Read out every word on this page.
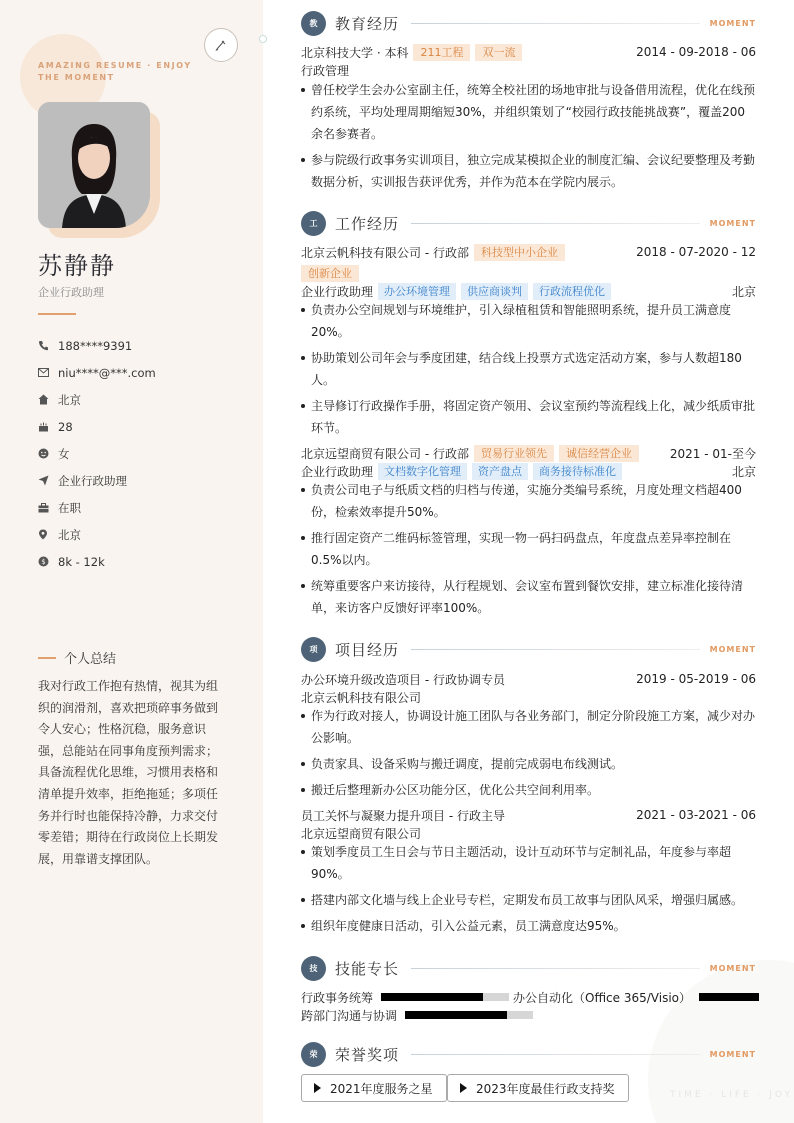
AMAZING RESUME · ENJOY THE MOMENT
苏静静
企业行政助理
188****9391
niu****@***.com
北京
28
女
企业行政助理
在职
北京
$ 8k - 12k
个人总结
我对行政工作抱有热情，视其为组织的润滑剂，喜欢把琐碎事务做到令人安心；性格沉稳，服务意识强，总能站在同事角度预判需求；具备流程优化思维，习惯用表格和清单提升效率，拒绝拖延；多项任务并行时也能保持冷静，力求交付零差错；期待在行政岗位上长期发展，用靠谱支撑团队。
TIME · LIFE · JOY
教	教育经历	MOMENT
北京科技大学 · 本科	211工程	双一流	2014 - 09-2018 - 06
行政管理
曾任校学生会办公室副主任，统筹全校社团的场地审批与设备借用流程，优化在线预约系统，平均处理周期缩短30%，并组织策划了“校园行政技能挑战赛”，覆盖200余名参赛者。
参与院级行政事务实训项目，独立完成某模拟企业的制度汇编、会议纪要整理及考勤数据分析，实训报告获评优秀，并作为范本在学院内展示。
工	工作经历	MOMENT
北京云帆科技有限公司 - 行政部	科技型中小企业	2018 - 07-2020 - 12
创新企业
企业行政助理	办公环境管理	供应商谈判	行政流程优化	北京
负责办公空间规划与环境维护，引入绿植租赁和智能照明系统，提升员工满意度20%。
协助策划公司年会与季度团建，结合线上投票方式选定活动方案，参与人数超180人。
主导修订行政操作手册，将固定资产领用、会议室预约等流程线上化，减少纸质审批环节。
北京远望商贸有限公司 - 行政部	贸易行业领先	诚信经营企业	2021 - 01-至今
企业行政助理	文档数字化管理	资产盘点	商务接待标准化	北京
负责公司电子与纸质文档的归档与传递，实施分类编号系统，月度处理文档超400份，检索效率提升50%。
推行固定资产二维码标签管理，实现一物一码扫码盘点，年度盘点差异率控制在0.5%以内。
统筹重要客户来访接待，从行程规划、会议室布置到餐饮安排，建立标准化接待清单，来访客户反馈好评率100%。
项	项目经历	MOMENT
办公环境升级改造项目 - 行政协调专员	2019 - 05-2019 - 06
北京云帆科技有限公司
作为行政对接人，协调设计施工团队与各业务部门，制定分阶段施工方案，减少对办公影响。
负责家具、设备采购与搬迁调度，提前完成弱电布线测试。
搬迁后整理新办公区功能分区，优化公共空间利用率。
员工关怀与凝聚力提升项目 - 行政主导	2021 - 03-2021 - 06
北京远望商贸有限公司
策划季度员工生日会与节日主题活动，设计互动环节与定制礼品，年度参与率超90%。
搭建内部文化墙与线上企业号专栏，定期发布员工故事与团队风采，增强归属感。
组织年度健康日活动，引入公益元素，员工满意度达95%。
技	技能专长	MOMENT
行政事务统筹	办公自动化（Office 365/Visio）
跨部门沟通与协调
荣	荣誉奖项	MOMENT
2021年度服务之星	2023年度最佳行政支持奖
